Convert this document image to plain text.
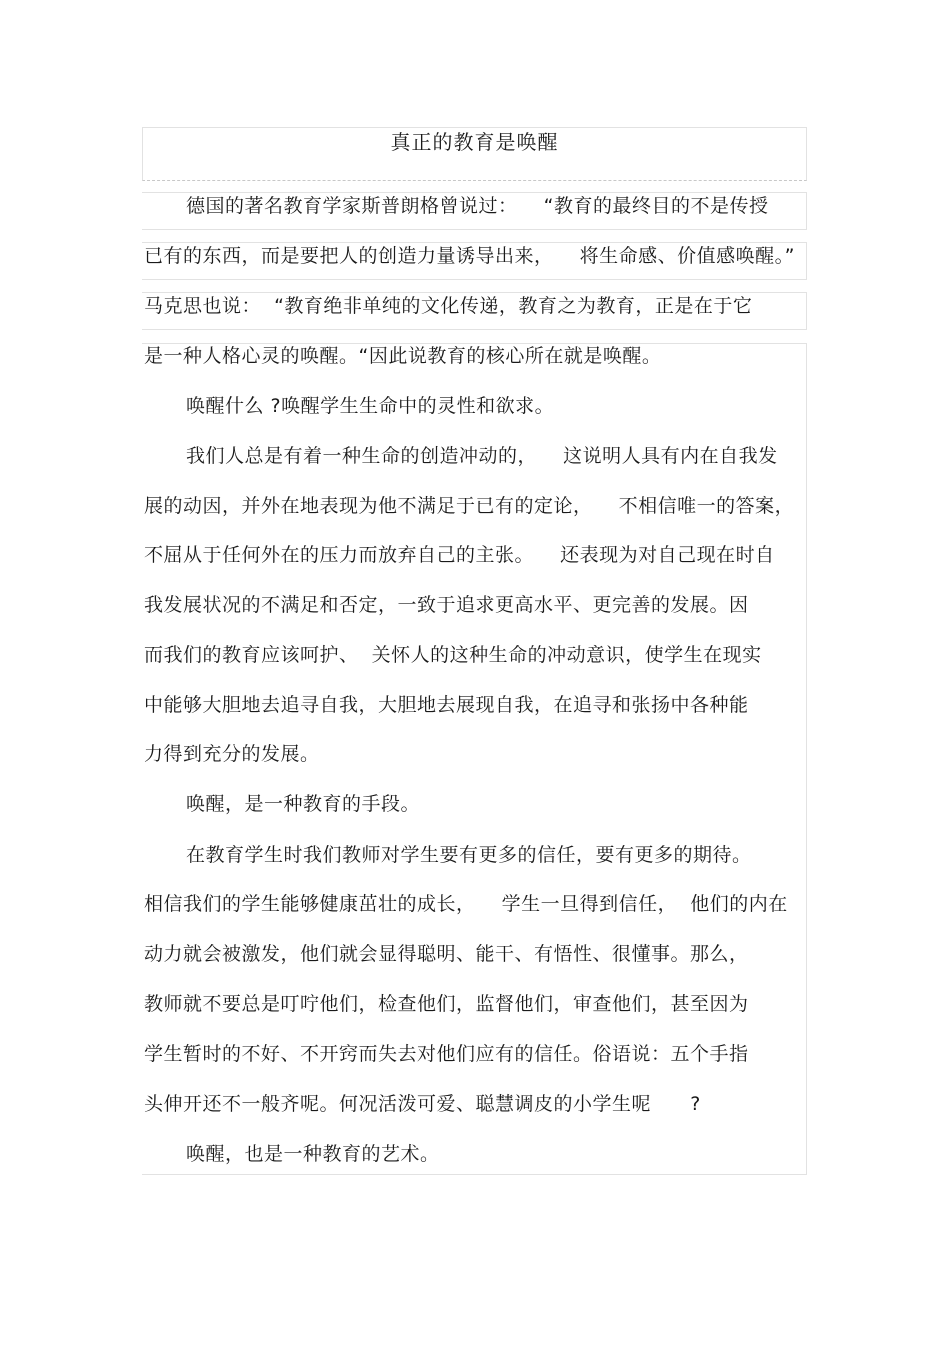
真正的教育是唤醒
德国的著名教育学家斯普朗格曾说过：    “教育的最终目的不是传授
已有的东西，而是要把人的创造力量诱导出来，    将生命感、价值感唤醒。”
马克思也说：  “教育绝非单纯的文化传递，教育之为教育，正是在于它
是一种人格心灵的唤醒。“因此说教育的核心所在就是唤醒。
唤醒什么 ?唤醒学生生命中的灵性和欲求。
我们人总是有着一种生命的创造冲动的，    这说明人具有内在自我发
展的动因，并外在地表现为他不满足于已有的定论，    不相信唯一的答案，
不屈从于任何外在的压力而放弃自己的主张。    还表现为对自己现在时自
我发展状况的不满足和否定，一致于追求更高水平、更完善的发展。因
而我们的教育应该呵护、  关怀人的这种生命的冲动意识，使学生在现实
中能够大胆地去追寻自我，大胆地去展现自我，在追寻和张扬中各种能
力得到充分的发展。
唤醒，是一种教育的手段。
在教育学生时我们教师对学生要有更多的信任，要有更多的期待。
相信我们的学生能够健康茁壮的成长，    学生一旦得到信任，  他们的内在
动力就会被激发，他们就会显得聪明、能干、有悟性、很懂事。那么，
教师就不要总是叮咛他们，检查他们，监督他们，审查他们，甚至因为
学生暂时的不好、不开窍而失去对他们应有的信任。俗语说：五个手指
头伸开还不一般齐呢。何况活泼可爱、聪慧调皮的小学生呢      ?
唤醒，也是一种教育的艺术。
